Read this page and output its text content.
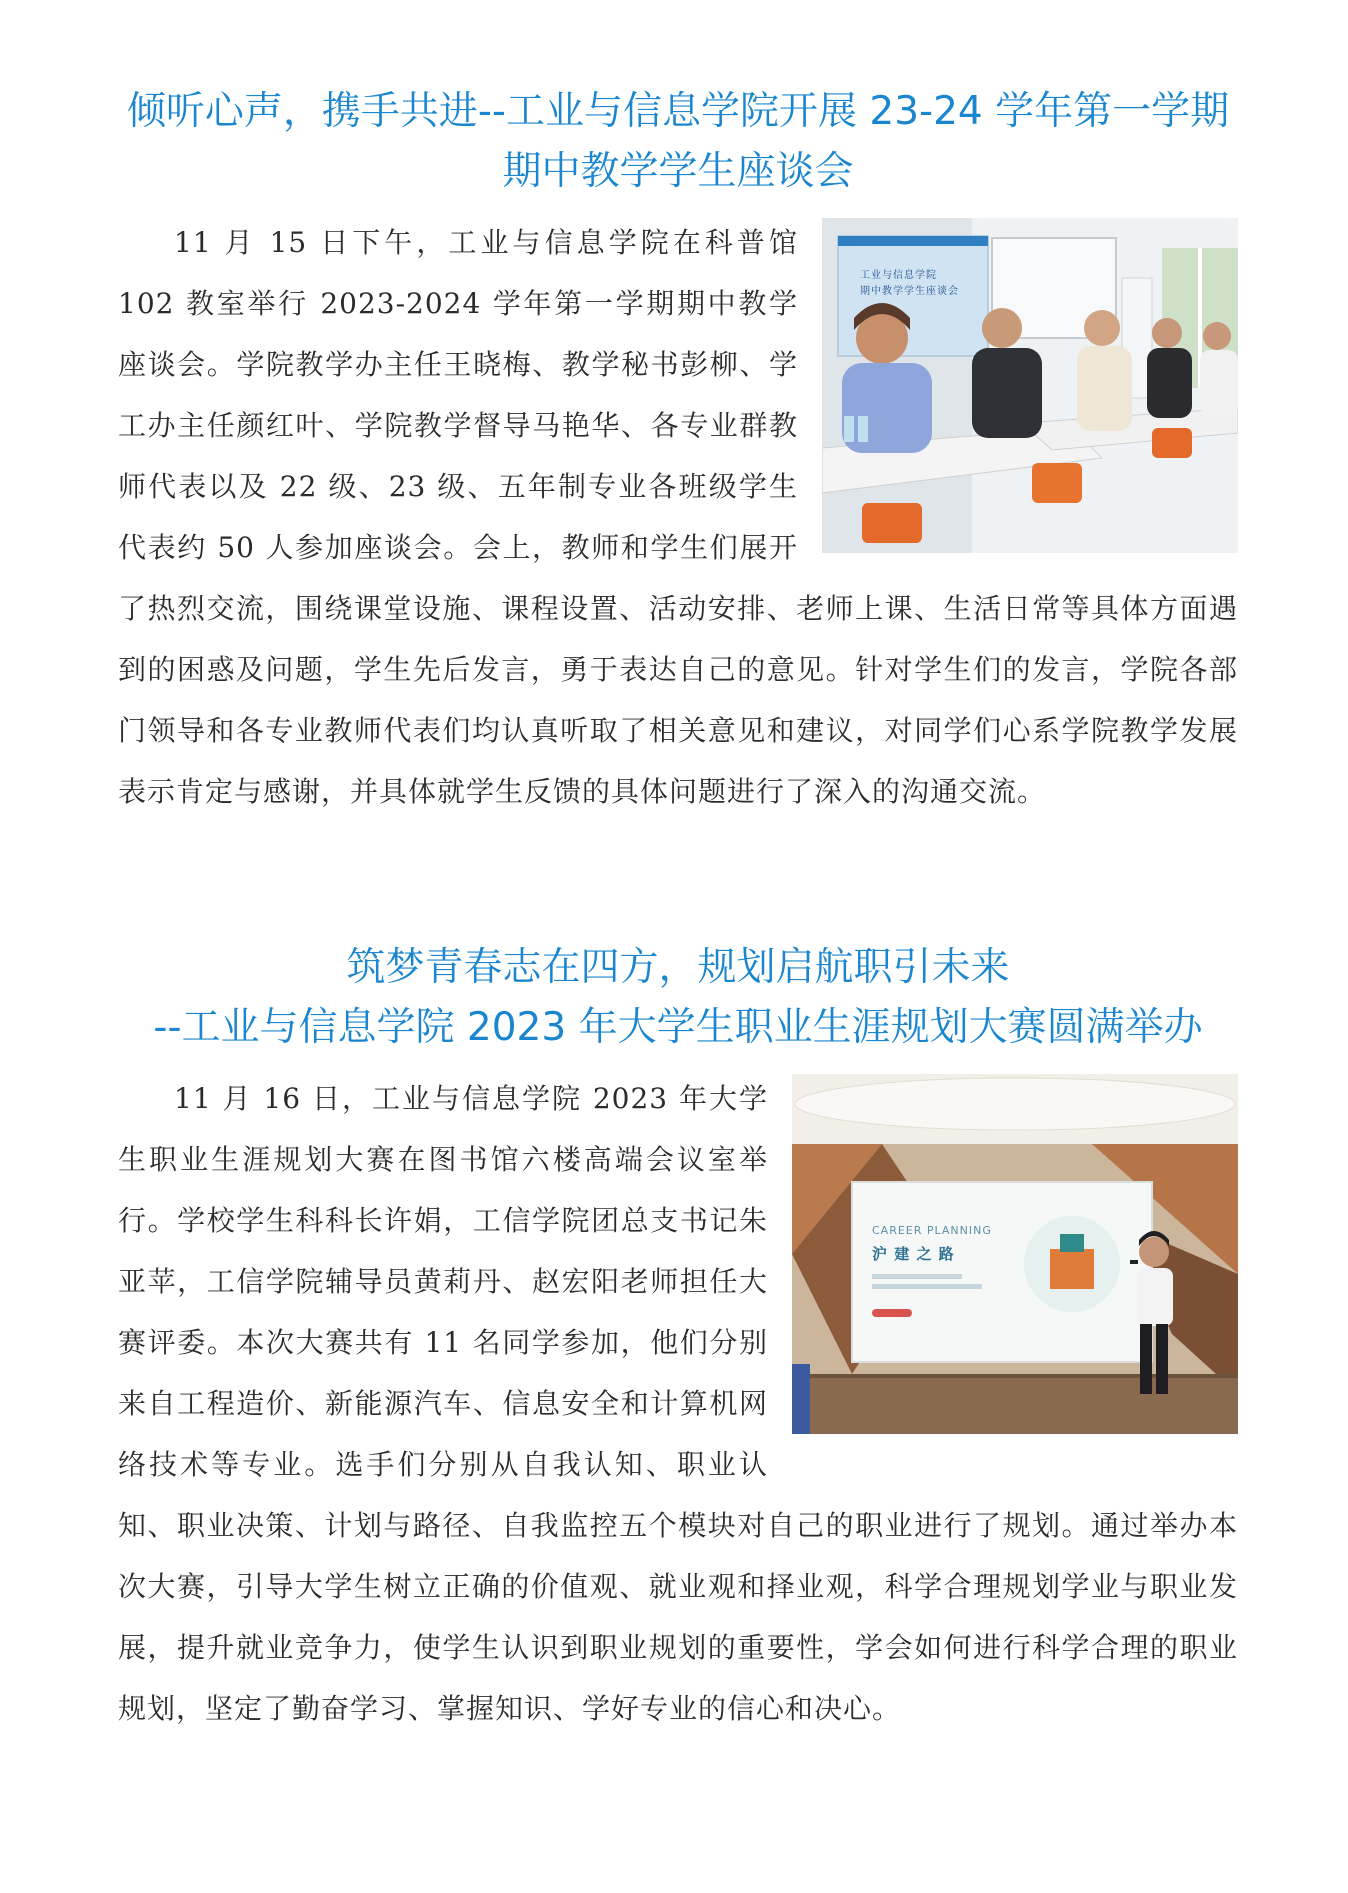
倾听心声，携手共进--工业与信息学院开展 23-24 学年第一学期
期中教学学生座谈会
工业与信息学院
期中教学学生座谈会

11 月 15 日下午，工业与信息学院在科普馆 102 教室举行 2023-2024 学年第一学期期中教学座谈会。学院教学办主任王晓梅、教学秘书彭柳、学工办主任颜红叶、学院教学督导马艳华、各专业群教师代表以及 22 级、23 级、五年制专业各班级学生代表约 50 人参加座谈会。会上，教师和学生们展开了热烈交流，围绕课堂设施、课程设置、活动安排、老师上课、生活日常等具体方面遇到的困惑及问题，学生先后发言，勇于表达自己的意见。针对学生们的发言，学院各部门领导和各专业教师代表们均认真听取了相关意见和建议，对同学们心系学院教学发展表示肯定与感谢，并具体就学生反馈的具体问题进行了深入的沟通交流。

筑梦青春志在四方，规划启航职引未来
--工业与信息学院 2023 年大学生职业生涯规划大赛圆满举办
CAREER PLANNING
沪 建 之 路

11 月 16 日，工业与信息学院 2023 年大学生职业生涯规划大赛在图书馆六楼高端会议室举行。学校学生科科长许娟，工信学院团总支书记朱亚苹，工信学院辅导员黄莉丹、赵宏阳老师担任大赛评委。本次大赛共有 11 名同学参加，他们分别来自工程造价、新能源汽车、信息安全和计算机网络技术等专业。选手们分别从自我认知、职业认知、职业决策、计划与路径、自我监控五个模块对自己的职业进行了规划。通过举办本次大赛，引导大学生树立正确的价值观、就业观和择业观，科学合理规划学业与职业发展，提升就业竞争力，使学生认识到职业规划的重要性，学会如何进行科学合理的职业规划，坚定了勤奋学习、掌握知识、学好专业的信心和决心。
